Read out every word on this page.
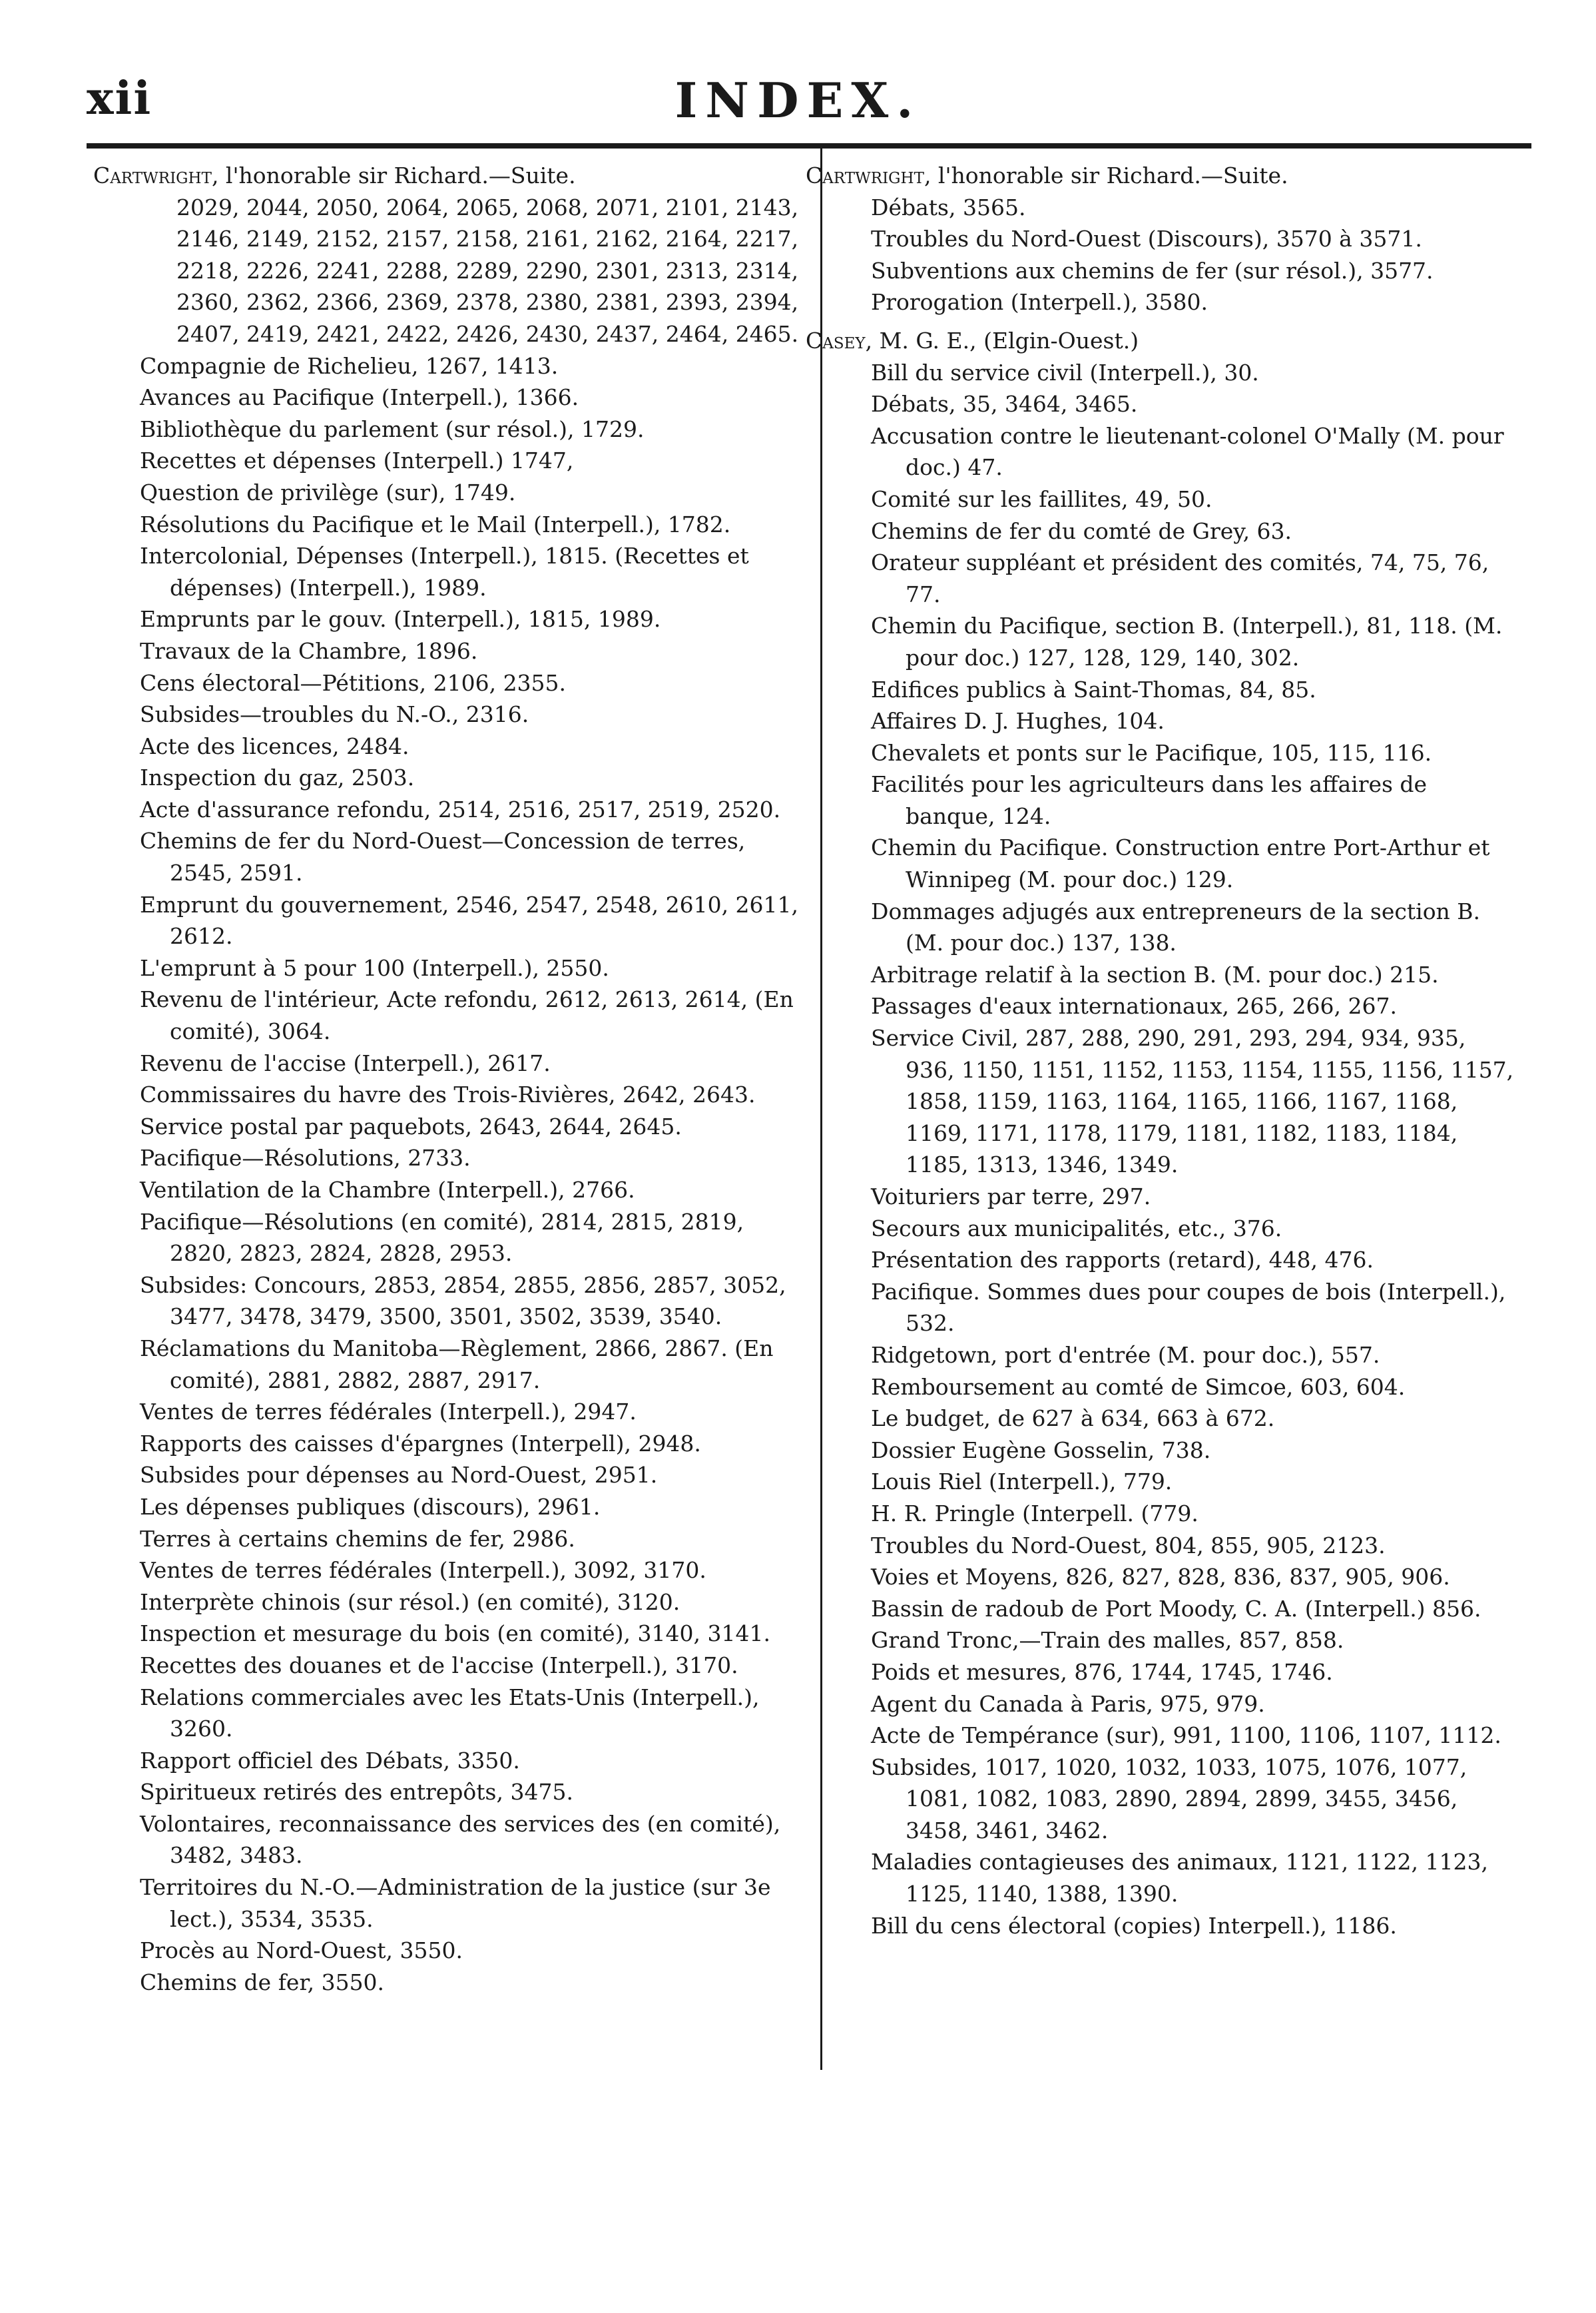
xii	INDEX.
Cartwright, l'honorable sir Richard.—Suite.
2029, 2044, 2050, 2064, 2065, 2068, 2071, 2101, 2143, 2146, 2149, 2152, 2157, 2158, 2161, 2162, 2164, 2217, 2218, 2226, 2241, 2288, 2289, 2290, 2301, 2313, 2314, 2360, 2362, 2366, 2369, 2378, 2380, 2381, 2393, 2394, 2407, 2419, 2421, 2422, 2426, 2430, 2437, 2464, 2465.
Compagnie de Richelieu, 1267, 1413.
Avances au Pacifique (Interpell.), 1366.
Bibliothèque du parlement (sur résol.), 1729.
Recettes et dépenses (Interpell.) 1747,
Question de privilège (sur), 1749.
Résolutions du Pacifique et le Mail (Interpell.), 1782.
Intercolonial, Dépenses (Interpell.), 1815. (Recettes et dépenses) (Interpell.), 1989.
Emprunts par le gouv. (Interpell.), 1815, 1989.
Travaux de la Chambre, 1896.
Cens électoral—Pétitions, 2106, 2355.
Subsides—troubles du N.-O., 2316.
Acte des licences, 2484.
Inspection du gaz, 2503.
Acte d'assurance refondu, 2514, 2516, 2517, 2519, 2520.
Chemins de fer du Nord-Ouest—Concession de terres, 2545, 2591.
Emprunt du gouvernement, 2546, 2547, 2548, 2610, 2611, 2612.
L'emprunt à 5 pour 100 (Interpell.), 2550.
Revenu de l'intérieur, Acte refondu, 2612, 2613, 2614, (En comité), 3064.
Revenu de l'accise (Interpell.), 2617.
Commissaires du havre des Trois-Rivières, 2642, 2643.
Service postal par paquebots, 2643, 2644, 2645.
Pacifique—Résolutions, 2733.
Ventilation de la Chambre (Interpell.), 2766.
Pacifique—Résolutions (en comité), 2814, 2815, 2819, 2820, 2823, 2824, 2828, 2953.
Subsides: Concours, 2853, 2854, 2855, 2856, 2857, 3052, 3477, 3478, 3479, 3500, 3501, 3502, 3539, 3540.
Réclamations du Manitoba—Règlement, 2866, 2867. (En comité), 2881, 2882, 2887, 2917.
Ventes de terres fédérales (Interpell.), 2947.
Rapports des caisses d'épargnes (Interpell), 2948.
Subsides pour dépenses au Nord-Ouest, 2951.
Les dépenses publiques (discours), 2961.
Terres à certains chemins de fer, 2986.
Ventes de terres fédérales (Interpell.), 3092, 3170.
Interprète chinois (sur résol.) (en comité), 3120.
Inspection et mesurage du bois (en comité), 3140, 3141.
Recettes des douanes et de l'accise (Interpell.), 3170.
Relations commerciales avec les Etats-Unis (Interpell.), 3260.
Rapport officiel des Débats, 3350.
Spiritueux retirés des entrepôts, 3475.
Volontaires, reconnaissance des services des (en comité), 3482, 3483.
Territoires du N.-O.—Administration de la justice (sur 3e lect.), 3534, 3535.
Procès au Nord-Ouest, 3550.
Chemins de fer, 3550.
Cartwright, l'honorable sir Richard.—Suite.
Débats, 3565.
Troubles du Nord-Ouest (Discours), 3570 à 3571.
Subventions aux chemins de fer (sur résol.), 3577.
Prorogation (Interpell.), 3580.
Casey, M. G. E., (Elgin-Ouest.)
Bill du service civil (Interpell.), 30.
Débats, 35, 3464, 3465.
Accusation contre le lieutenant-colonel O'Mally (M. pour doc.) 47.
Comité sur les faillites, 49, 50.
Chemins de fer du comté de Grey, 63.
Orateur suppléant et président des comités, 74, 75, 76, 77.
Chemin du Pacifique, section B. (Interpell.), 81, 118. (M. pour doc.) 127, 128, 129, 140, 302.
Edifices publics à Saint-Thomas, 84, 85.
Affaires D. J. Hughes, 104.
Chevalets et ponts sur le Pacifique, 105, 115, 116.
Facilités pour les agriculteurs dans les affaires de banque, 124.
Chemin du Pacifique. Construction entre Port-Arthur et Winnipeg (M. pour doc.) 129.
Dommages adjugés aux entrepreneurs de la section B. (M. pour doc.) 137, 138.
Arbitrage relatif à la section B. (M. pour doc.) 215.
Passages d'eaux internationaux, 265, 266, 267.
Service Civil, 287, 288, 290, 291, 293, 294, 934, 935, 936, 1150, 1151, 1152, 1153, 1154, 1155, 1156, 1157, 1858, 1159, 1163, 1164, 1165, 1166, 1167, 1168, 1169, 1171, 1178, 1179, 1181, 1182, 1183, 1184, 1185, 1313, 1346, 1349.
Voituriers par terre, 297.
Secours aux municipalités, etc., 376.
Présentation des rapports (retard), 448, 476.
Pacifique. Sommes dues pour coupes de bois (Interpell.), 532.
Ridgetown, port d'entrée (M. pour doc.), 557.
Remboursement au comté de Simcoe, 603, 604.
Le budget, de 627 à 634, 663 à 672.
Dossier Eugène Gosselin, 738.
Louis Riel (Interpell.), 779.
H. R. Pringle (Interpell. (779.
Troubles du Nord-Ouest, 804, 855, 905, 2123.
Voies et Moyens, 826, 827, 828, 836, 837, 905, 906.
Bassin de radoub de Port Moody, C. A. (Interpell.) 856.
Grand Tronc,—Train des malles, 857, 858.
Poids et mesures, 876, 1744, 1745, 1746.
Agent du Canada à Paris, 975, 979.
Acte de Tempérance (sur), 991, 1100, 1106, 1107, 1112.
Subsides, 1017, 1020, 1032, 1033, 1075, 1076, 1077, 1081, 1082, 1083, 2890, 2894, 2899, 3455, 3456, 3458, 3461, 3462.
Maladies contagieuses des animaux, 1121, 1122, 1123, 1125, 1140, 1388, 1390.
Bill du cens électoral (copies) Interpell.), 1186.
